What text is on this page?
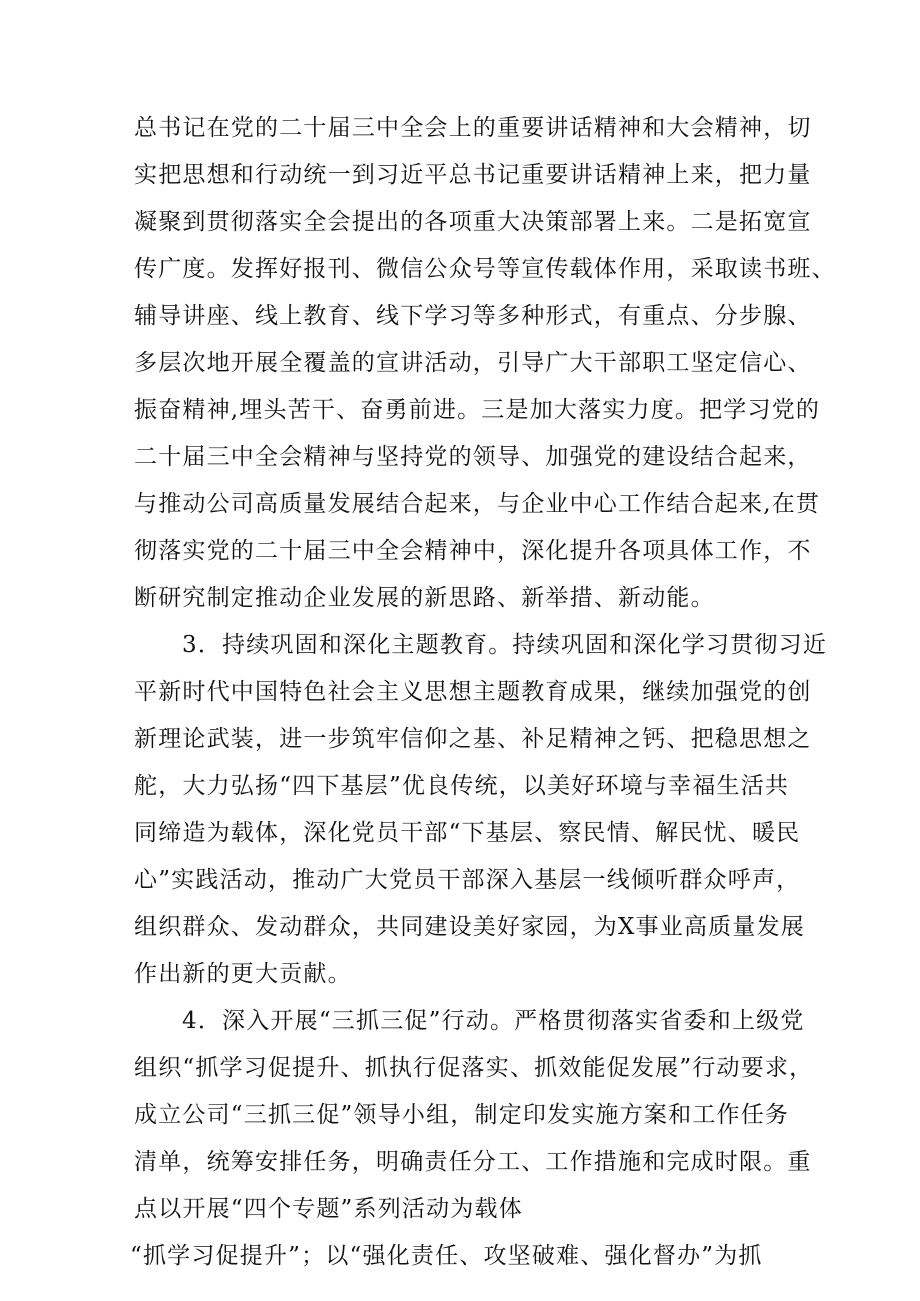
总书记在党的二十届三中全会上的重要讲话精神和大会精神，切
实把思想和行动统一到习近平总书记重要讲话精神上来，把力量
凝聚到贯彻落实全会提出的各项重大决策部署上来。二是拓宽宣
传广度。发挥好报刊、微信公众号等宣传载体作用，采取读书班、
辅导讲座、线上教育、线下学习等多种形式，有重点、分步腺、
多层次地开展全覆盖的宣讲活动，引导广大干部职工坚定信心、
振奋精神,埋头苦干、奋勇前进。三是加大落实力度。把学习党的
二十届三中全会精神与坚持党的领导、加强党的建设结合起来，
与推动公司高质量发展结合起来，与企业中心工作结合起来,在贯
彻落实党的二十届三中全会精神中，深化提升各项具体工作，不
断研究制定推动企业发展的新思路、新举措、新动能。
3．持续巩固和深化主题教育。持续巩固和深化学习贯彻习近
平新时代中国特色社会主义思想主题教育成果，继续加强党的创
新理论武装，进一步筑牢信仰之基、补足精神之钙、把稳思想之
舵，大力弘扬“四下基层”优良传统，以美好环境与幸福生活共
同缔造为载体，深化党员干部“下基层、察民情、解民忧、暖民
心”实践活动，推动广大党员干部深入基层一线倾听群众呼声，
组织群众、发动群众，共同建设美好家园，为X事业高质量发展
作出新的更大贡献。
4．深入开展“三抓三促”行动。严格贯彻落实省委和上级党
组织“抓学习促提升、抓执行促落实、抓效能促发展”行动要求，
成立公司“三抓三促”领导小组，制定印发实施方案和工作任务
清单，统筹安排任务，明确责任分工、工作措施和完成时限。重
点以开展“四个专题”系列活动为载体
“抓学习促提升”；以“强化责任、攻坚破难、强化督办”为抓
